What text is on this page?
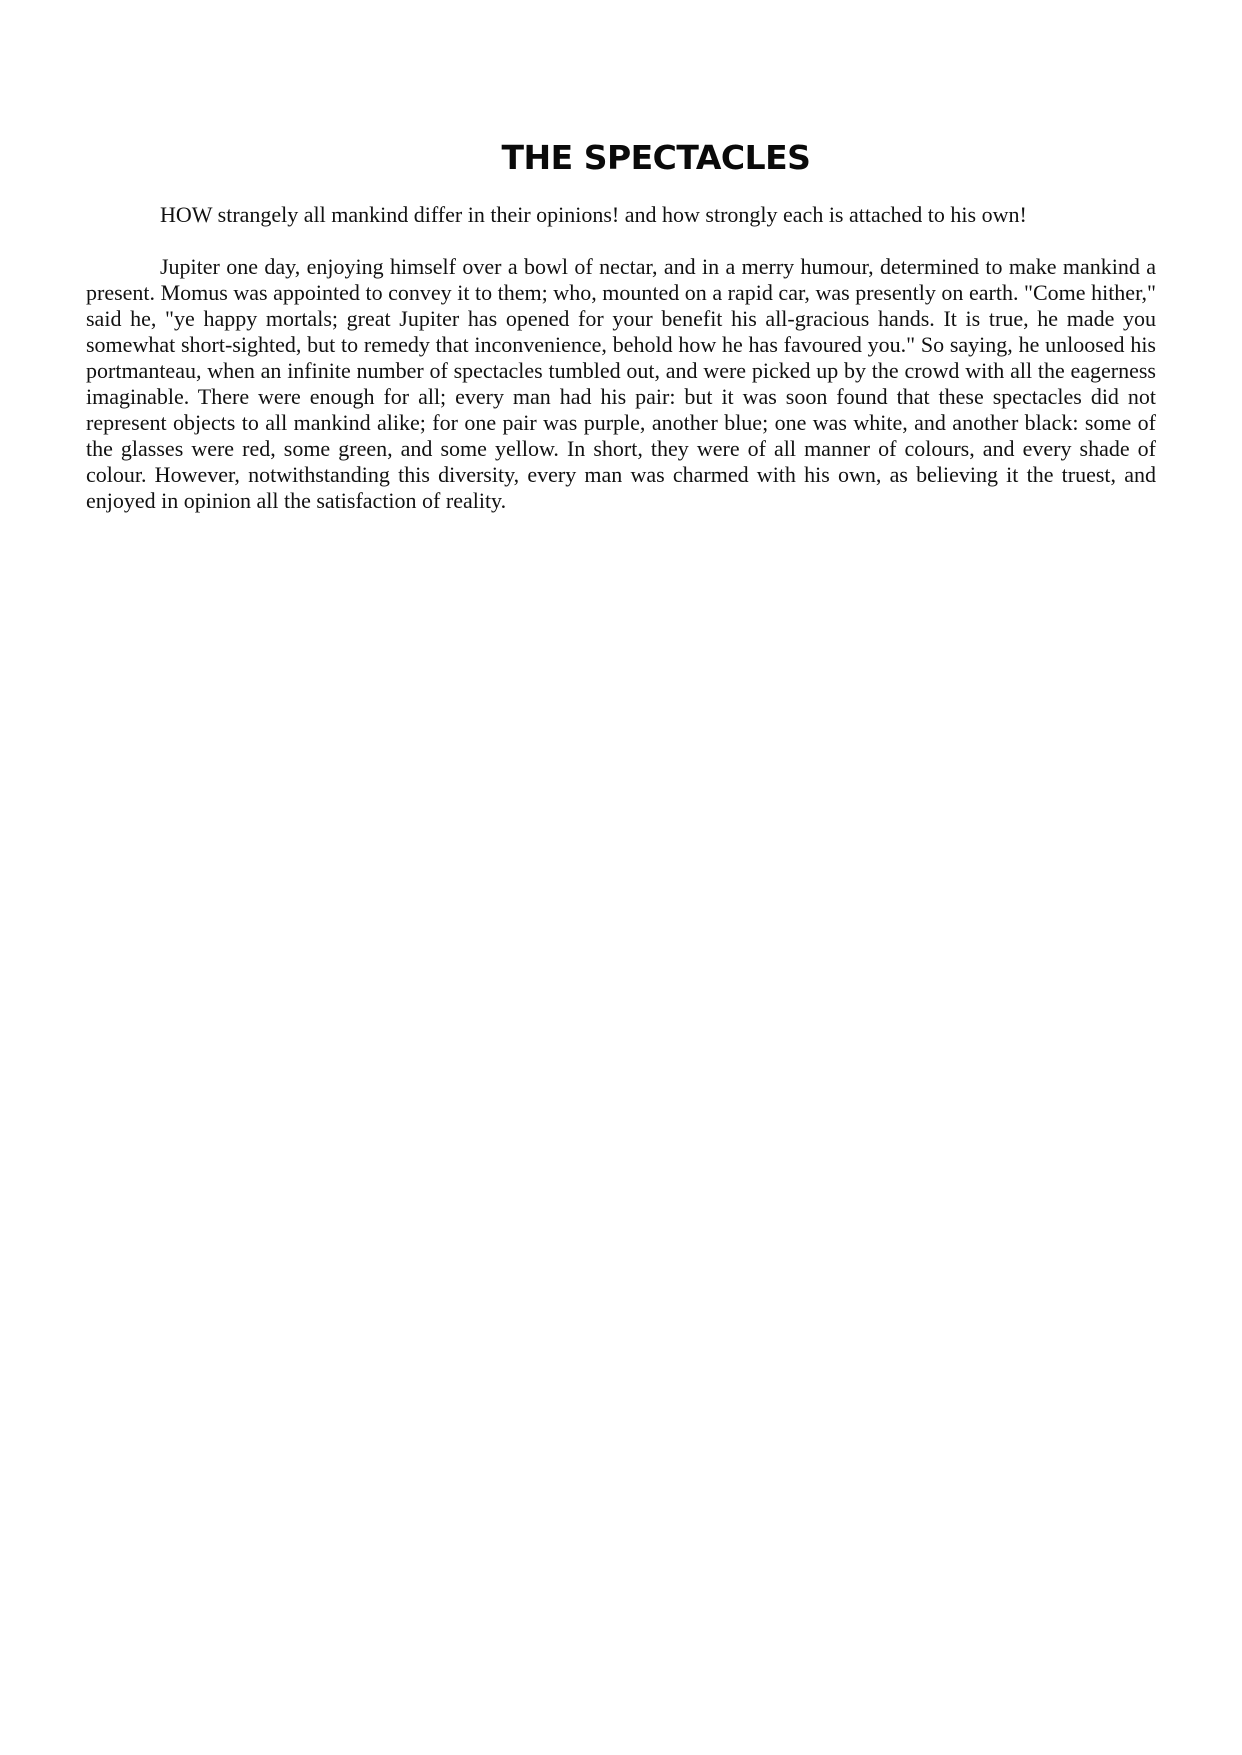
THE SPECTACLES

HOW strangely all mankind differ in their opinions! and how strongly each is attached to his own!

Jupiter one day, enjoying himself over a bowl of nectar, and in a merry humour, determined to make mankind a present. Momus was appointed to convey it to them; who, mounted on a rapid car, was presently on earth. "Come hither," said he, "ye happy mortals; great Jupiter has opened for your benefit his all-gracious hands. It is true, he made you somewhat short-sighted, but to remedy that inconvenience, behold how he has favoured you." So saying, he unloosed his portmanteau, when an infinite number of spectacles tumbled out, and were picked up by the crowd with all the eagerness imaginable. There were enough for all; every man had his pair: but it was soon found that these spectacles did not represent objects to all mankind alike; for one pair was purple, another blue; one was white, and another black: some of the glasses were red, some green, and some yellow. In short, they were of all manner of colours, and every shade of colour. However, notwithstanding this diversity, every man was charmed with his own, as believing it the truest, and enjoyed in opinion all the satisfaction of reality.
